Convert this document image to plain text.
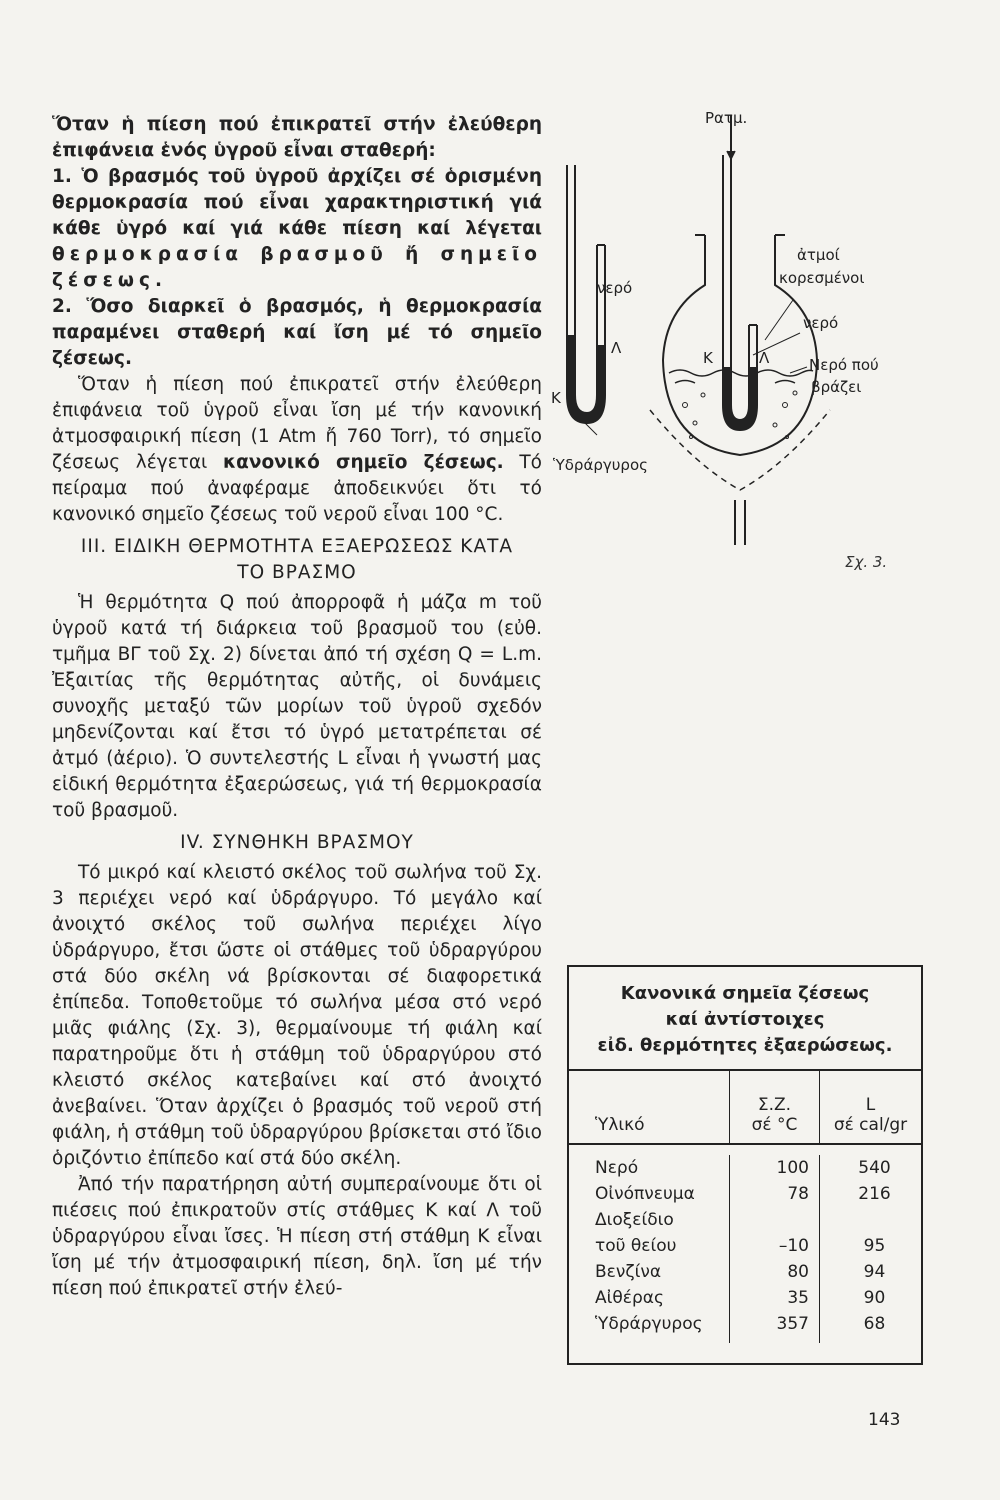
Ὅταν ἡ πίεση πού ἐπικρατεῖ στήν ἐλεύθερη ἐπιφάνεια ἑνός ὑγροῦ εἶναι σταθερή:

1. Ὁ βρασμός τοῦ ὑγροῦ ἀρχίζει σέ ὁρισμένη θερμοκρασία πού εἶναι χαρακτηριστική γιά κάθε ὑγρό καί γιά κάθε πίεση καί λέγεται θερμοκρασία βρασμοῦ ἤ σημεῖο ζέσεως.

2. Ὅσο διαρκεῖ ὁ βρασμός, ἡ θερμοκρασία παραμένει σταθερή καί ἴση μέ τό σημεῖο ζέσεως.

Ὅταν ἡ πίεση πού ἐπικρατεῖ στήν ἐλεύθερη ἐπιφάνεια τοῦ ὑγροῦ εἶναι ἴση μέ τήν κανονική ἀτμοσφαιρική πίεση (1 Atm ἤ 760 Torr), τό σημεῖο ζέσεως λέγεται κανονικό σημεῖο ζέσεως. Τό πείραμα πού ἀναφέραμε ἀποδεικνύει ὅτι τό κανονικό σημεῖο ζέσεως τοῦ νεροῦ εἶναι 100 °C.

III. ΕΙΔΙΚΗ ΘΕΡΜΟΤΗΤΑ ΕΞΑΕΡΩΣΕΩΣ ΚΑΤΑ
ΤΟ ΒΡΑΣΜΟ

Ἡ θερμότητα Q πού ἀπορροφᾶ ἡ μάζα m τοῦ ὑγροῦ κατά τή διάρκεια τοῦ βρασμοῦ του (εὐθ. τμῆμα ΒΓ τοῦ Σχ. 2) δίνεται ἀπό τή σχέση Q = L.m. Ἐξαιτίας τῆς θερμότητας αὐτῆς, οἱ δυνάμεις συνοχῆς μεταξύ τῶν μορίων τοῦ ὑγροῦ σχεδόν μηδενίζονται καί ἔτσι τό ὑγρό μετατρέπεται σέ ἀτμό (ἀέριο). Ὁ συντελεστής L εἶναι ἡ γνωστή μας εἰδική θερμότητα ἐξαερώσεως, γιά τή θερμοκρασία τοῦ βρασμοῦ.

IV. ΣΥΝΘΗΚΗ ΒΡΑΣΜΟΥ

Τό μικρό καί κλειστό σκέλος τοῦ σωλήνα τοῦ Σχ. 3 περιέχει νερό καί ὑδράργυρο. Τό μεγάλο καί ἀνοιχτό σκέλος τοῦ σωλήνα περιέχει λίγο ὑδράργυρο, ἔτσι ὥστε οἱ στάθμες τοῦ ὑδραργύρου στά δύο σκέλη νά βρίσκονται σέ διαφορετικά ἐπίπεδα. Τοποθετοῦμε τό σωλήνα μέσα στό νερό μιᾶς φιάλης (Σχ. 3), θερμαίνουμε τή φιάλη καί παρατηροῦμε ὅτι ἡ στάθμη τοῦ ὑδραργύρου στό κλειστό σκέλος κατεβαίνει καί στό ἀνοιχτό ἀνεβαίνει. Ὅταν ἀρχίζει ὁ βρασμός τοῦ νεροῦ στή φιάλη, ἡ στάθμη τοῦ ὑδραργύρου βρίσκεται στό ἴδιο ὁριζόντιο ἐπίπεδο καί στά δύο σκέλη.

Ἀπό τήν παρατήρηση αὐτή συμπεραίνουμε ὅτι οἱ πιέσεις πού ἐπικρατοῦν στίς στάθμες Κ καί Λ τοῦ ὑδραργύρου εἶναι ἴσες. Ἡ πίεση στή στάθμη Κ εἶναι ἴση μέ τήν ἀτμοσφαιρική πίεση, δηλ. ἴση μέ τήν πίεση πού ἐπικρατεῖ στήν ἐλεύ-

Ρατμ.
νερό
Λ
Κ
Ὑδράργυρος
ἀτμοί
κορεσμένοι
νερό
Κ	Λ	Νερό πού
βράζει
Σχ. 3.
Κανονικά σημεῖα ζέσεως
καί ἀντίστοιχες
εἰδ. θερμότητες ἐξαερώσεως.
Ὑλικό
Σ.Ζ.
σέ °C
L
σέ cal/gr
Νερό
Οἰνόπνευμα
Διοξείδιο
τοῦ θείου
Βενζίνα
Αἰθέρας
Ὑδράργυρος
100
78
–10
80
35
357
540
216
95
94
90
68
143
